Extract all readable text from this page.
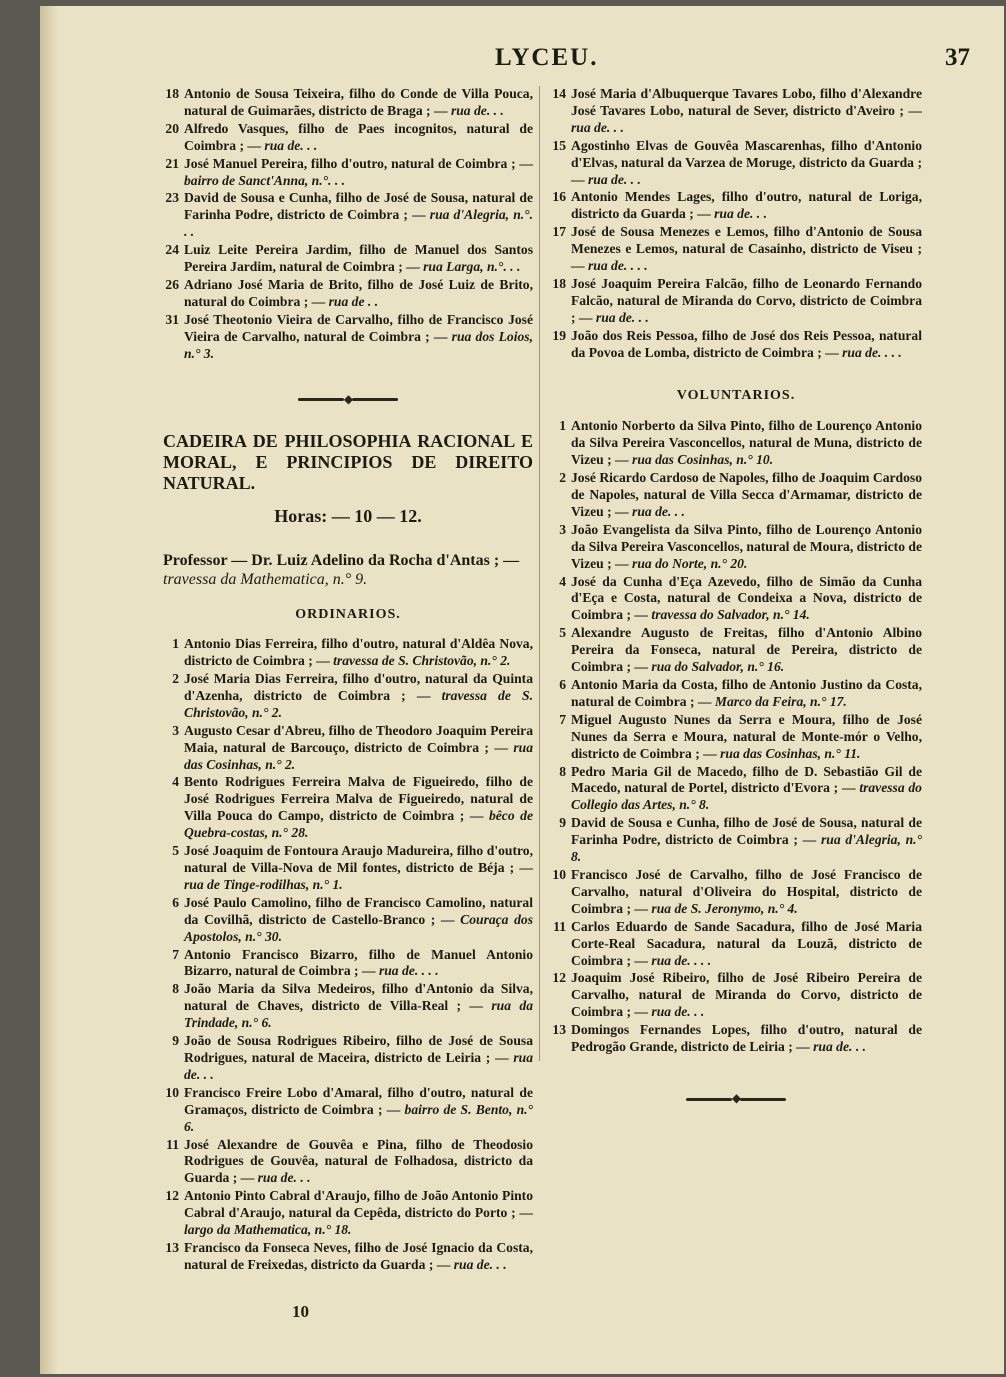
LYCEU.	37
18 Antonio de Sousa Teixeira, filho do Conde de Villa Pouca, natural de Guimarães, districto de Braga ; — rua de. . .
20 Alfredo Vasques, filho de Paes incognitos, natural de Coimbra ; — rua de. . .
21 José Manuel Pereira, filho d'outro, natural de Coimbra ; — bairro de Sanct'Anna, n.°. . .
23 David de Sousa e Cunha, filho de José de Sousa, natural de Farinha Podre, districto de Coimbra ; — rua d'Alegria, n.°. . .
24 Luiz Leite Pereira Jardim, filho de Manuel dos Santos Pereira Jardim, natural de Coimbra ; — rua Larga, n.°. . .
26 Adriano José Maria de Brito, filho de José Luiz de Brito, natural do Coimbra ; — rua de . .
31 José Theotonio Vieira de Carvalho, filho de Francisco José Vieira de Carvalho, natural de Coimbra ; — rua dos Loios, n.° 3.
◆
CADEIRA DE PHILOSOPHIA RACIONAL E MORAL, E PRINCIPIOS DE DIREITO NATURAL.
Horas: — 10 — 12.
Professor — Dr. Luiz Adelino da Rocha d'Antas ; — travessa da Mathematica, n.° 9.
ORDINARIOS.
1 Antonio Dias Ferreira, filho d'outro, natural d'Aldêa Nova, districto de Coimbra ; — travessa de S. Christovão, n.° 2.
2 José Maria Dias Ferreira, filho d'outro, natural da Quinta d'Azenha, districto de Coimbra ; — travessa de S. Christovão, n.° 2.
3 Augusto Cesar d'Abreu, filho de Theodoro Joaquim Pereira Maia, natural de Barcouço, districto de Coimbra ; — rua das Cosinhas, n.° 2.
4 Bento Rodrigues Ferreira Malva de Figueiredo, filho de José Rodrigues Ferreira Malva de Figueiredo, natural de Villa Pouca do Campo, districto de Coimbra ; — bêco de Quebra-costas, n.° 28.
5 José Joaquim de Fontoura Araujo Madureira, filho d'outro, natural de Villa-Nova de Mil fontes, districto de Béja ; — rua de Tinge-rodilhas, n.° 1.
6 José Paulo Camolino, filho de Francisco Camolino, natural da Covilhã, districto de Castello-Branco ; — Couraça dos Apostolos, n.° 30.
7 Antonio Francisco Bizarro, filho de Manuel Antonio Bizarro, natural de Coimbra ; — rua de. . . .
8 João Maria da Silva Medeiros, filho d'Antonio da Silva, natural de Chaves, districto de Villa-Real ; — rua da Trindade, n.° 6.
9 João de Sousa Rodrigues Ribeiro, filho de José de Sousa Rodrigues, natural de Maceira, districto de Leiria ; — rua de. . .
10 Francisco Freire Lobo d'Amaral, filho d'outro, natural de Gramaços, districto de Coimbra ; — bairro de S. Bento, n.° 6.
11 José Alexandre de Gouvêa e Pina, filho de Theodosio Rodrigues de Gouvêa, natural de Folhadosa, districto da Guarda ; — rua de. . .
12 Antonio Pinto Cabral d'Araujo, filho de João Antonio Pinto Cabral d'Araujo, natural da Cepêda, districto do Porto ; — largo da Mathematica, n.° 18.
13 Francisco da Fonseca Neves, filho de José Ignacio da Costa, natural de Freixedas, districto da Guarda ; — rua de. . .
14 José Maria d'Albuquerque Tavares Lobo, filho d'Alexandre José Tavares Lobo, natural de Sever, districto d'Aveiro ; — rua de. . .
15 Agostinho Elvas de Gouvêa Mascarenhas, filho d'Antonio d'Elvas, natural da Varzea de Moruge, districto da Guarda ; — rua de. . .
16 Antonio Mendes Lages, filho d'outro, natural de Loriga, districto da Guarda ; — rua de. . .
17 José de Sousa Menezes e Lemos, filho d'Antonio de Sousa Menezes e Lemos, natural de Casainho, districto de Viseu ; — rua de. . . .
18 José Joaquim Pereira Falcão, filho de Leonardo Fernando Falcão, natural de Miranda do Corvo, districto de Coimbra ; — rua de. . .
19 João dos Reis Pessoa, filho de José dos Reis Pessoa, natural da Povoa de Lomba, districto de Coimbra ; — rua de. . . .
VOLUNTARIOS.
1 Antonio Norberto da Silva Pinto, filho de Lourenço Antonio da Silva Pereira Vasconcellos, natural de Muna, districto de Vizeu ; — rua das Cosinhas, n.° 10.
2 José Ricardo Cardoso de Napoles, filho de Joaquim Cardoso de Napoles, natural de Villa Secca d'Armamar, districto de Vizeu ; — rua de. . .
3 João Evangelista da Silva Pinto, filho de Lourenço Antonio da Silva Pereira Vasconcellos, natural de Moura, districto de Vizeu ; — rua do Norte, n.° 20.
4 José da Cunha d'Eça Azevedo, filho de Simão da Cunha d'Eça e Costa, natural de Condeixa a Nova, districto de Coimbra ; — travessa do Salvador, n.° 14.
5 Alexandre Augusto de Freitas, filho d'Antonio Albino Pereira da Fonseca, natural de Pereira, districto de Coimbra ; — rua do Salvador, n.° 16.
6 Antonio Maria da Costa, filho de Antonio Justino da Costa, natural de Coimbra ; — Marco da Feira, n.° 17.
7 Miguel Augusto Nunes da Serra e Moura, filho de José Nunes da Serra e Moura, natural de Monte-mór o Velho, districto de Coimbra ; — rua das Cosinhas, n.° 11.
8 Pedro Maria Gil de Macedo, filho de D. Sebastião Gil de Macedo, natural de Portel, districto d'Evora ; — travessa do Collegio das Artes, n.° 8.
9 David de Sousa e Cunha, filho de José de Sousa, natural de Farinha Podre, districto de Coimbra ; — rua d'Alegria, n.° 8.
10 Francisco José de Carvalho, filho de José Francisco de Carvalho, natural d'Oliveira do Hospital, districto de Coimbra ; — rua de S. Jeronymo, n.° 4.
11 Carlos Eduardo de Sande Sacadura, filho de José Maria Corte-Real Sacadura, natural da Louzã, districto de Coimbra ; — rua de. . . .
12 Joaquim José Ribeiro, filho de José Ribeiro Pereira de Carvalho, natural de Miranda do Corvo, districto de Coimbra ; — rua de. . .
13 Domingos Fernandes Lopes, filho d'outro, natural de Pedrogão Grande, districto de Leiria ; — rua de. . .
◆
10
